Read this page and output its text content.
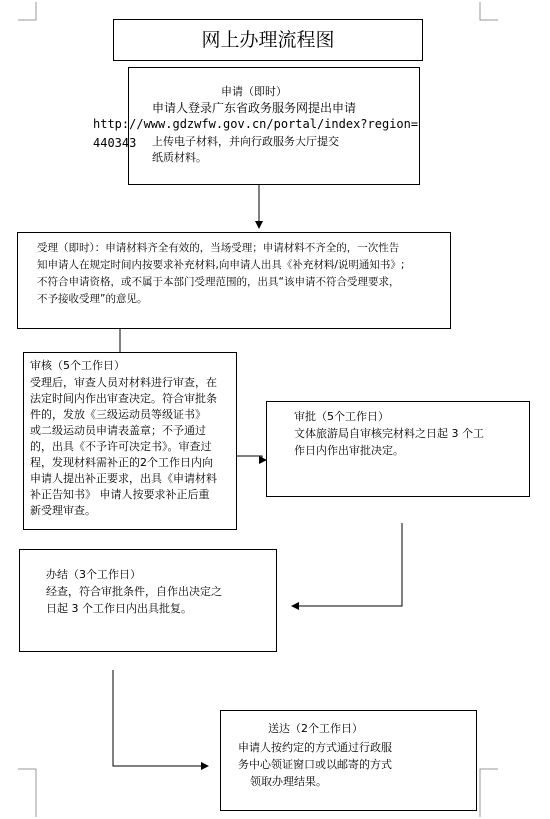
网上办理流程图
申请（即时）
申请人登录广东省政务服务网提出申请
http://www.gdzwfw.gov.cn/portal/index?region=
440343 上传电子材料，并向行政服务大厅提交
纸质材料。
受理（即时）：申请材料齐全有效的，当场受理；申请材料不齐全的，一次性告
知申请人在规定时间内按要求补充材料,向申请人出具《补充材料/说明通知书》;
不符合申请资格，或不属于本部门受理范围的，出具“该申请不符合受理要求，
不予接收受理”的意见。
审核（5个工作日）
受理后，审查人员对材料进行审查，在
法定时间内作出审查决定。符合审批条
件的，发放《三级运动员等级证书》
或二级运动员申请表盖章；不予通过
的，出具《不予许可决定书》。审查过
程，发现材料需补正的2个工作日内向
申请人提出补正要求，出具《申请材料
补正告知书》 申请人按要求补正后重
新受理审查。
审批（5个工作日）
文体旅游局自审核完材料之日起 3 个工
作日内作出审批决定。
办结（3个工作日）
经查，符合审批条件，自作出决定之
日起 3 个工作日内出具批复。
送达（2个工作日）
申请人按约定的方式通过行政服
务中心领证窗口或以邮寄的方式
领取办理结果。
